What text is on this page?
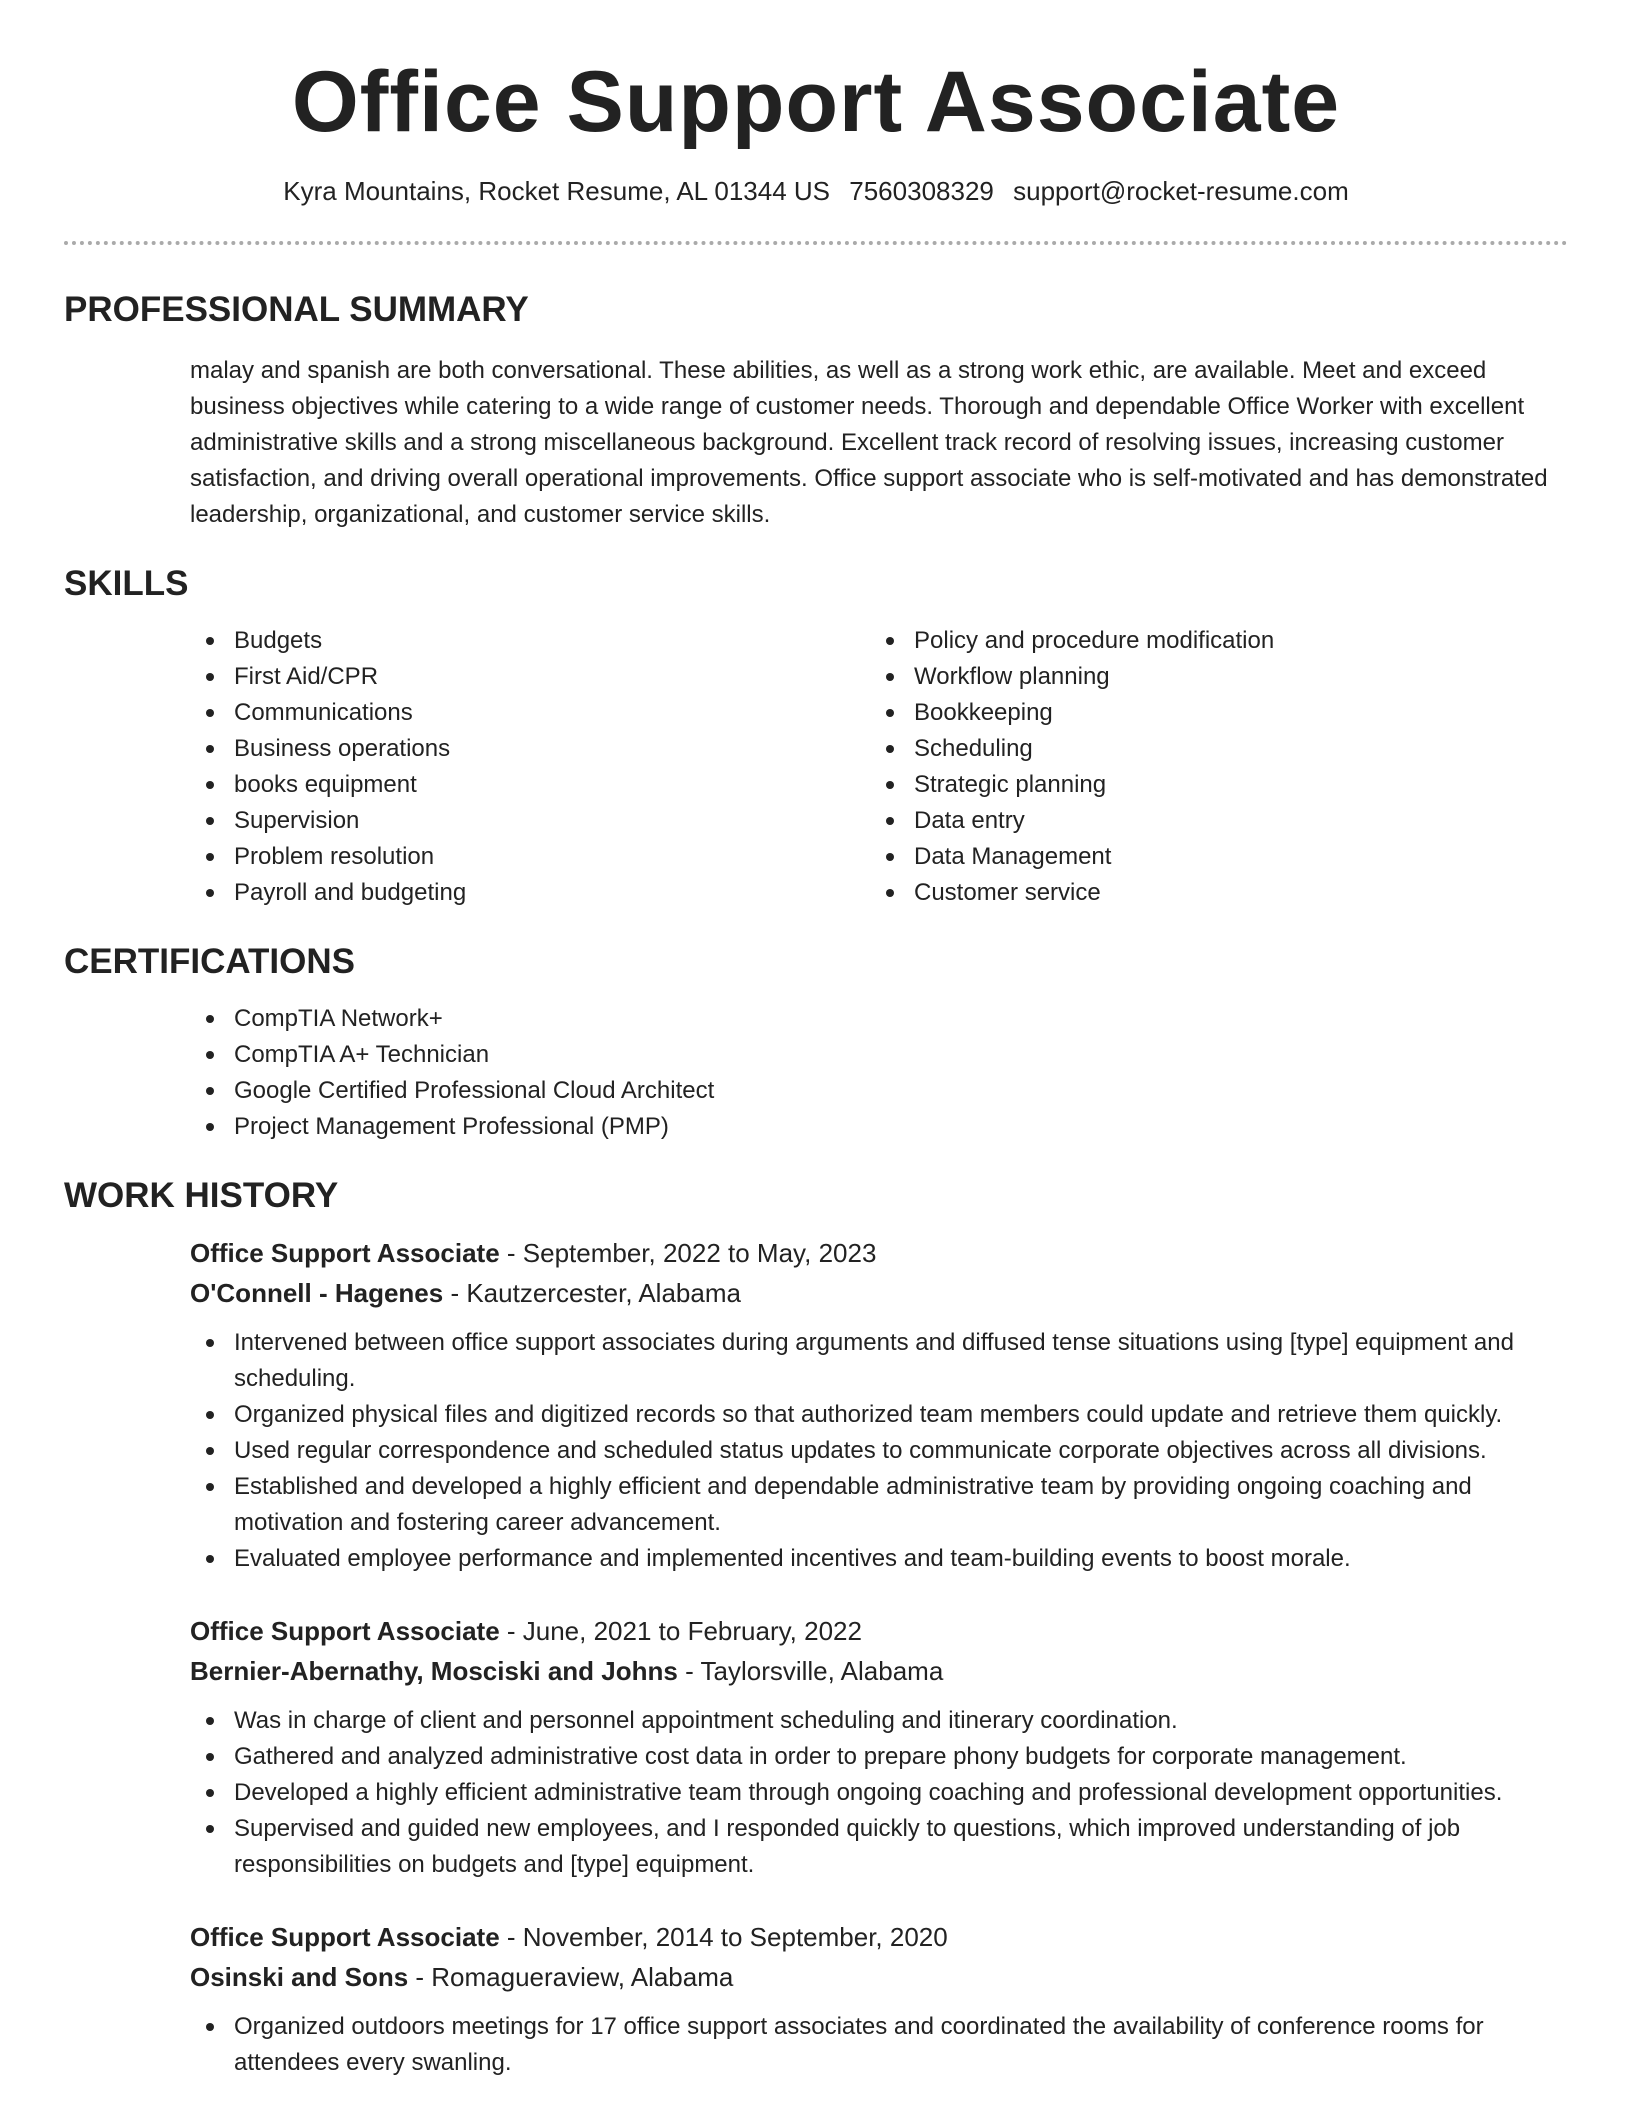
Office Support Associate
Kyra Mountains, Rocket Resume, AL 01344 US 7560308329 support@rocket-resume.com
PROFESSIONAL SUMMARY

malay and spanish are both conversational. These abilities, as well as a strong work ethic, are available. Meet and exceed business objectives while catering to a wide range of customer needs. Thorough and dependable Office Worker with excellent administrative skills and a strong miscellaneous background. Excellent track record of resolving issues, increasing customer satisfaction, and driving overall operational improvements. Office support associate who is self-motivated and has demonstrated leadership, organizational, and customer service skills.

SKILLS
Budgets
First Aid/CPR
Communications
Business operations
books equipment
Supervision
Problem resolution
Payroll and budgeting
Policy and procedure modification
Workflow planning
Bookkeeping
Scheduling
Strategic planning
Data entry
Data Management
Customer service
CERTIFICATIONS
CompTIA Network+
CompTIA A+ Technician
Google Certified Professional Cloud Architect
Project Management Professional (PMP)
WORK HISTORY
Office Support Associate - September, 2022 to May, 2023
O'Connell - Hagenes - Kautzercester, Alabama
Intervened between office support associates during arguments and diffused tense situations using [type] equipment and scheduling.
Organized physical files and digitized records so that authorized team members could update and retrieve them quickly.
Used regular correspondence and scheduled status updates to communicate corporate objectives across all divisions.
Established and developed a highly efficient and dependable administrative team by providing ongoing coaching and motivation and fostering career advancement.
Evaluated employee performance and implemented incentives and team-building events to boost morale.
Office Support Associate - June, 2021 to February, 2022
Bernier-Abernathy, Mosciski and Johns - Taylorsville, Alabama
Was in charge of client and personnel appointment scheduling and itinerary coordination.
Gathered and analyzed administrative cost data in order to prepare phony budgets for corporate management.
Developed a highly efficient administrative team through ongoing coaching and professional development opportunities.
Supervised and guided new employees, and I responded quickly to questions, which improved understanding of job responsibilities on budgets and [type] equipment.
Office Support Associate - November, 2014 to September, 2020
Osinski and Sons - Romagueraview, Alabama
Organized outdoors meetings for 17 office support associates and coordinated the availability of conference rooms for attendees every swanling.
